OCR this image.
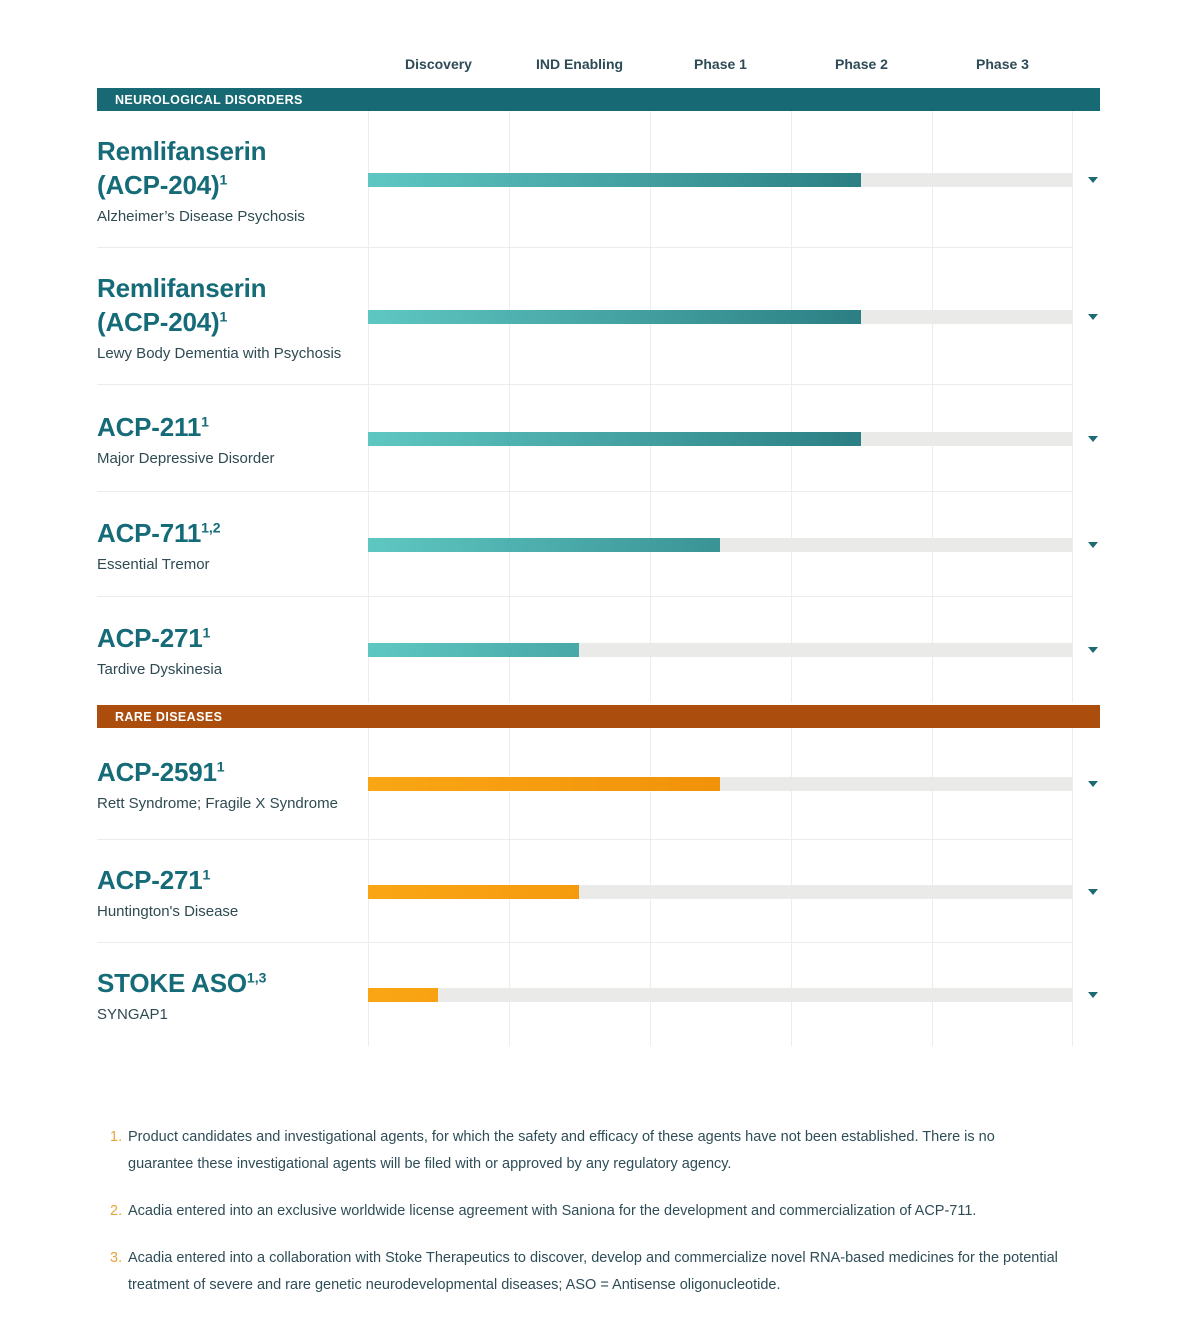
Discovery	IND Enabling	Phase 1	Phase 2	Phase 3
NEUROLOGICAL DISORDERS
Remlifanserin
$(ACP-204)^1$
Alzheimer’s Disease Psychosis
Remlifanserin
$(ACP-204)^1$
Lewy Body Dementia with Psychosis
ACP-$211^1$
Major Depressive Disorder
ACP-711$^{1,2}$
Essential Tremor
ACP-$271^1$
Tardive Dyskinesia
RARE DISEASES
ACP-2591$^1$
Rett Syndrome; Fragile X Syndrome
ACP-$271^1$
Huntington's Disease
STOKE ASO$^{1,3}$
SYNGAP1
1. Product candidates and investigational agents, for which the safety and efficacy of these agents have not been established. There is no guarantee these investigational agents will be filed with or approved by any regulatory agency.
2. Acadia entered into an exclusive worldwide license agreement with Saniona for the development and commercialization of ACP-711.
3. Acadia entered into a collaboration with Stoke Therapeutics to discover, develop and commercialize novel RNA-based medicines for the potential treatment of severe and rare genetic neurodevelopmental diseases; ASO = Antisense oligonucleotide.
